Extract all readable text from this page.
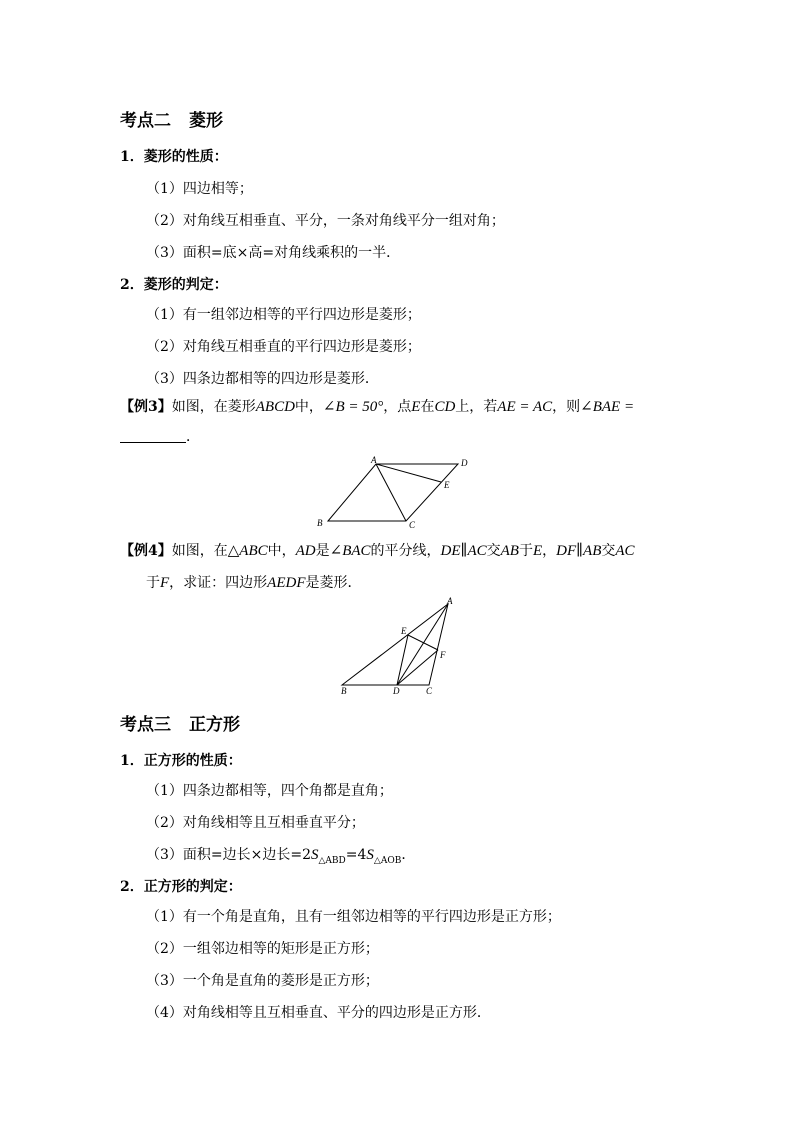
考点二 菱形
1．菱形的性质：
（1）四边相等；
（2）对角线互相垂直、平分，一条对角线平分一组对角；
（3）面积=底×高=对角线乘积的一半．
2．菱形的判定：
（1）有一组邻边相等的平行四边形是菱形；
（2）对角线互相垂直的平行四边形是菱形；
（3）四条边都相等的四边形是菱形．
【例3】如图，在菱形ABCD中，∠B = 50°，点E在CD上，若AE = AC，则∠BAE =
．
A
B	C
D
E
【例4】如图，在△ABC中，AD是∠BAC的平分线，DE∥AC交AB于E，DF∥AB交AC
于F，求证：四边形AEDF是菱形．
A
B	C
D
E
F
考点三 正方形
1．正方形的性质：
（1）四条边都相等，四个角都是直角；
（2）对角线相等且互相垂直平分；
（3）面积=边长×边长$=2S_{\triangle ABD}=4S_{\triangle AOB}$．
2．正方形的判定：
（1）有一个角是直角，且有一组邻边相等的平行四边形是正方形；
（2）一组邻边相等的矩形是正方形；
（3）一个角是直角的菱形是正方形；
（4）对角线相等且互相垂直、平分的四边形是正方形．
